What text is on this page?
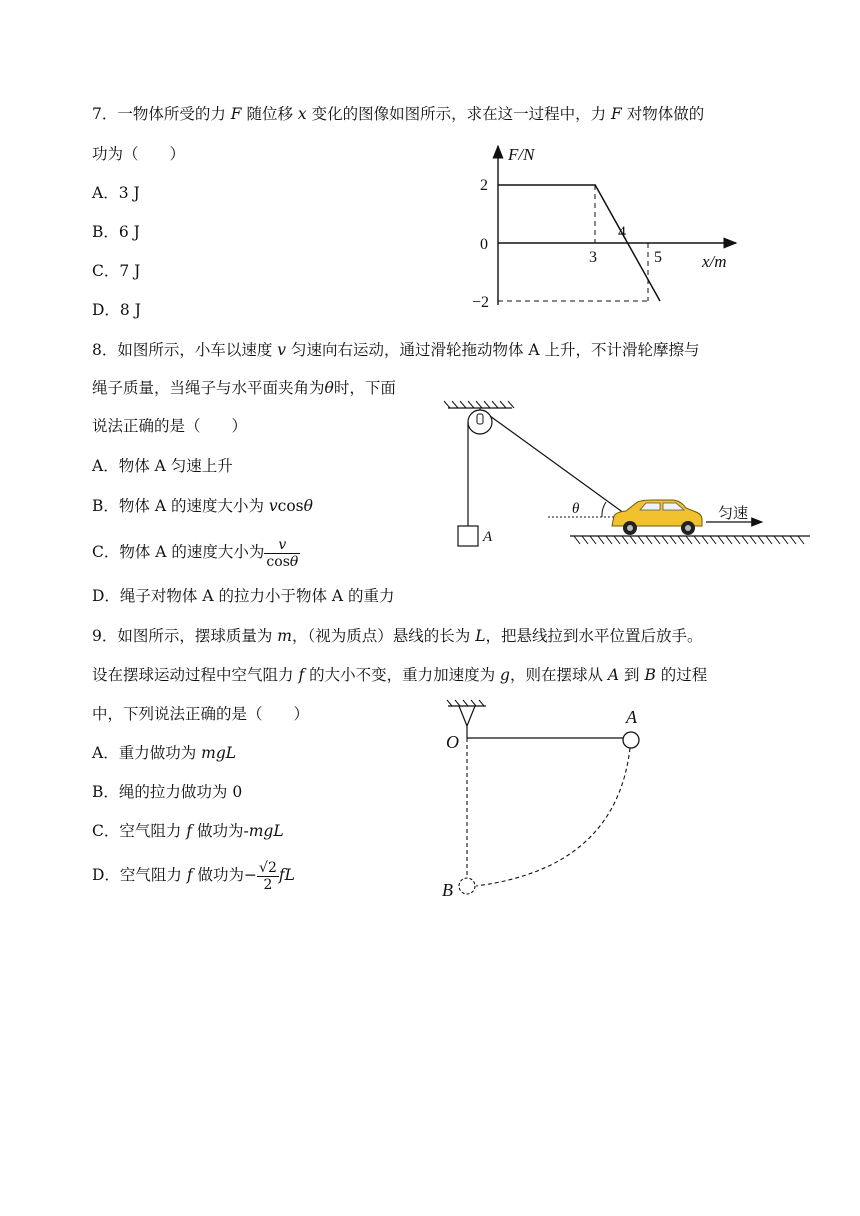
7．一物体所受的力 F 随位移 x 变化的图像如图所示，求在这一过程中，力 F 对物体做的
功为（　　）
A．3 J
B．6 J
C．7 J
D．8 J
F/N
x/m
2
0
−2
3
4
5
8．如图所示，小车以速度 v 匀速向右运动，通过滑轮拖动物体 A 上升，不计滑轮摩擦与
绳子质量，当绳子与水平面夹角为θ时，下面
说法正确的是（　　）
A．物体 A 匀速上升
B．物体 A 的速度大小为 vcosθ
C．物体 A 的速度大小为 $\frac{v}{\cos\theta}$
D．绳子对物体 A 的拉力小于物体 A 的重力
A
θ	匀速
9．如图所示，摆球质量为 m，（视为质点）悬线的长为 L，把悬线拉到水平位置后放手。
设在摆球运动过程中空气阻力 f 的大小不变，重力加速度为 g，则在摆球从 A 到 B 的过程
中，下列说法正确的是（　　）
A．重力做功为 mgL
B．绳的拉力做功为 0
C．空气阻力 f 做功为-mgL
D．空气阻力 f 做功为− $\frac{√2}{2}$ fL
O
A
B
